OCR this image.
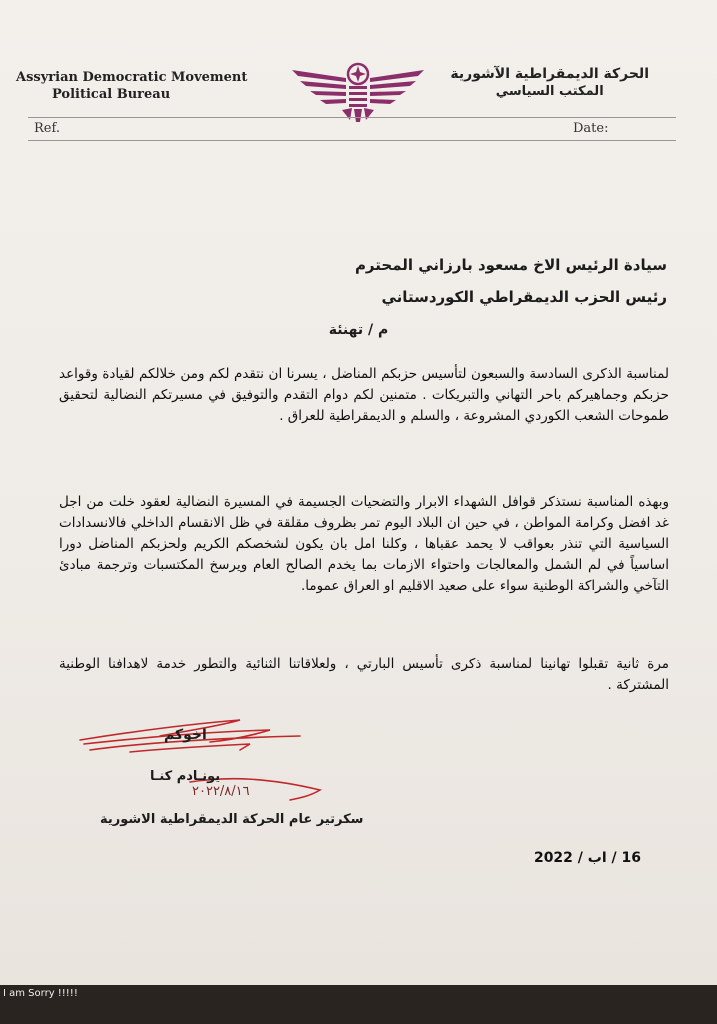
Assyrian Democratic Movement
Political Bureau
الحركة الديمقراطية الآشورية
المكتب السياسي
Ref.	Date:
سيادة الرئيس الاخ مسعود بارزاني المحترم
رئيس الحزب الديمقراطي الكوردستاني
م / تهنئة
لمناسبة الذكرى السادسة والسبعون لتأسيس حزبكم المناضل ، يسرنا ان نتقدم لكم ومن خلالكم لقيادة وقواعد حزبكم وجماهيركم باحر التهاني والتبريكات . متمنين لكم دوام التقدم والتوفيق في مسيرتكم النضالية لتحقيق طموحات الشعب الكوردي المشروعة ، والسلم و الديمقراطية للعراق .
وبهذه المناسبة نستذكر قوافل الشهداء الابرار والتضحيات الجسيمة في المسيرة النضالية لعقود خلت من اجل غد افضل وكرامة المواطن ، في حين ان البلاد اليوم تمر بظروف مقلقة في ظل الانقسام الداخلي فالانسدادات السياسية التي تنذر بعواقب لا يحمد عقباها ، وكلنا امل بان يكون لشخصكم الكريم ولحزبكم المناضل دورا اساسياً في لم الشمل والمعالجات واحتواء الازمات بما يخدم الصالح العام ويرسخ المكتسبات وترجمة مبادئ التآخي والشراكة الوطنية سواء على صعيد الاقليم او العراق عموما.
مرة ثانية تقبلوا تهانينا لمناسبة ذكرى تأسيس البارتي ، ولعلاقاتنا الثنائية والتطور خدمة لاهدافنا الوطنية المشتركة .
اخوكم
يونـادم كنـا
٢٠٢٢/٨/١٦
سكرتير عام الحركة الديمقراطية الاشورية
16 / اب / 2022
I am Sorry !!!!!
